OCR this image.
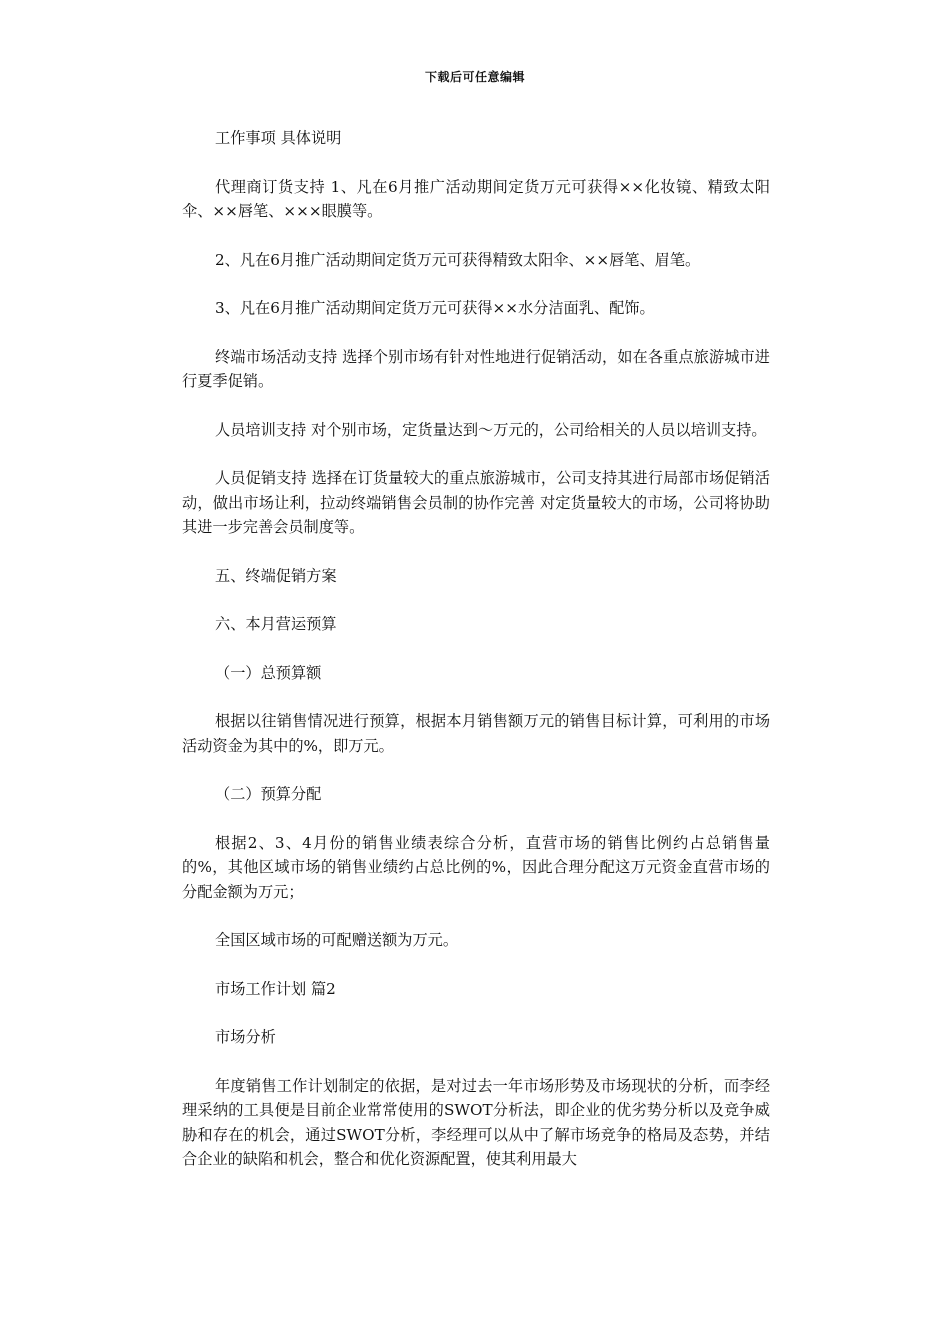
下载后可任意编辑

工作事项 具体说明

代理商订货支持 1、凡在6月推广活动期间定货万元可获得××化妆镜、精致太阳伞、××唇笔、×××眼膜等。

2、凡在6月推广活动期间定货万元可获得精致太阳伞、××唇笔、眉笔。

3、凡在6月推广活动期间定货万元可获得××水分洁面乳、配饰。

终端市场活动支持 选择个别市场有针对性地进行促销活动，如在各重点旅游城市进行夏季促销。

人员培训支持 对个别市场，定货量达到～万元的，公司给相关的人员以培训支持。

人员促销支持 选择在订货量较大的重点旅游城市，公司支持其进行局部市场促销活动，做出市场让利，拉动终端销售会员制的协作完善 对定货量较大的市场，公司将协助其进一步完善会员制度等。

五、终端促销方案

六、本月营运预算

（一）总预算额

根据以往销售情况进行预算，根据本月销售额万元的销售目标计算，可利用的市场活动资金为其中的%，即万元。

（二）预算分配

根据2、3、4月份的销售业绩表综合分析，直营市场的销售比例约占总销售量的%，其他区域市场的销售业绩约占总比例的%，因此合理分配这万元资金直营市场的分配金额为万元；

全国区域市场的可配赠送额为万元。

市场工作计划 篇2

市场分析

年度销售工作计划制定的依据，是对过去一年市场形势及市场现状的分析，而李经理采纳的工具便是目前企业常常使用的SWOT分析法，即企业的优劣势分析以及竞争威胁和存在的机会，通过SWOT分析，李经理可以从中了解市场竞争的格局及态势，并结合企业的缺陷和机会，整合和优化资源配置，使其利用最大
